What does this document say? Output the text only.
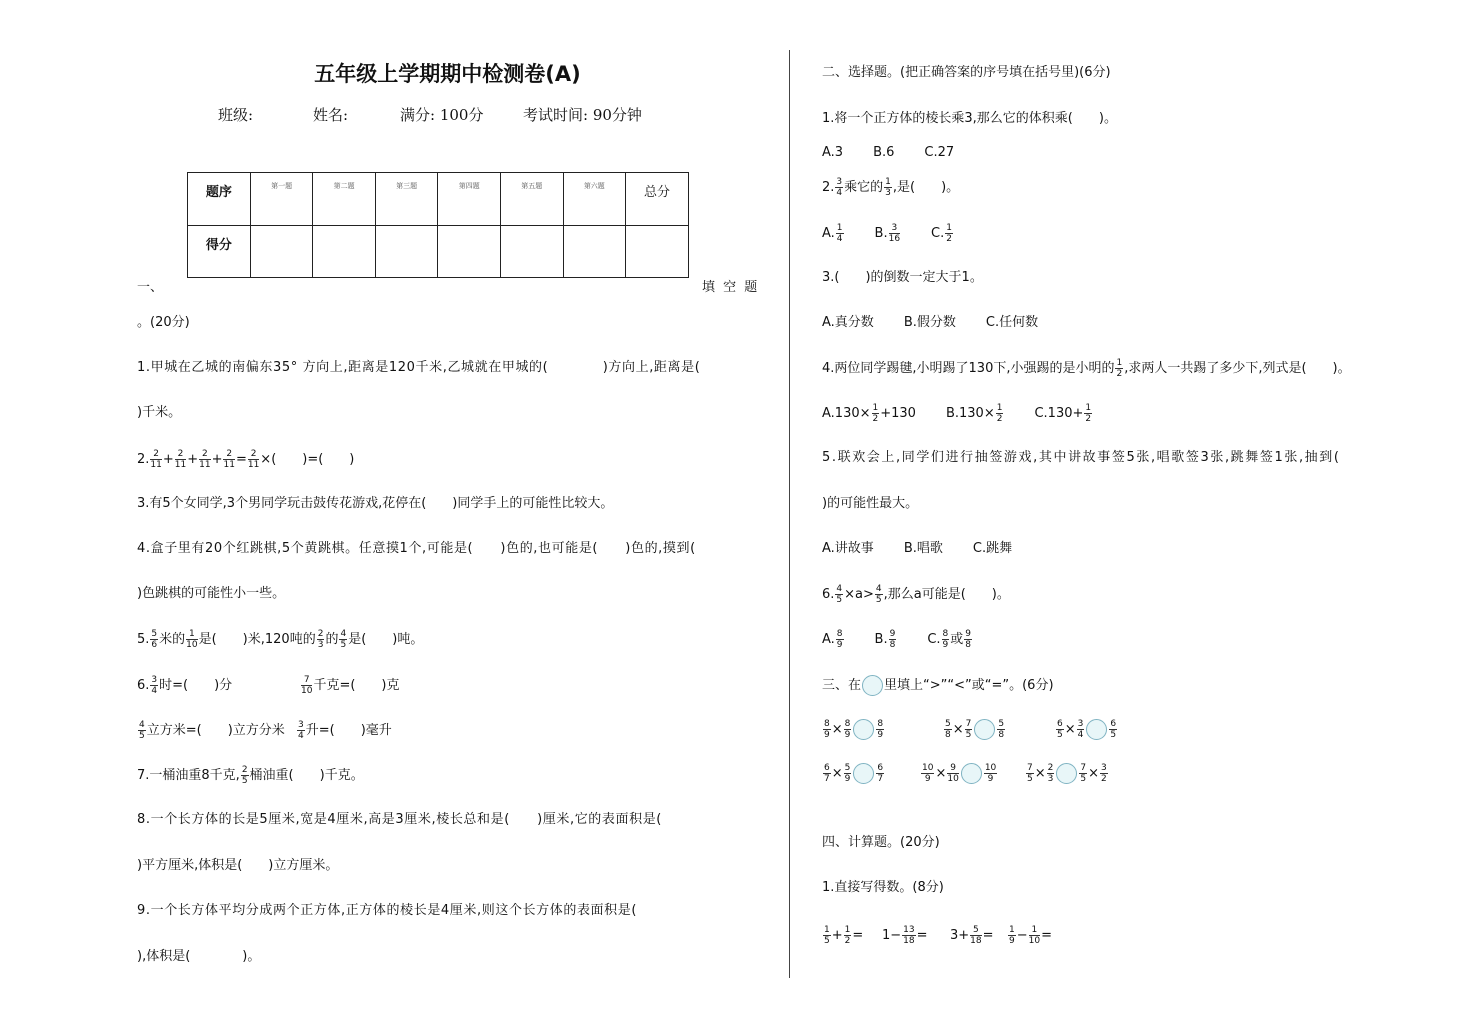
五年级上学期期中检测卷(A)
班级:	姓名:	满分: 100分	考试时间: 90分钟
题序	第一题	第二题	第三题	第四题	第五题	第六题	总分
得分							
一、	填 空 题
。(20分)
1.甲城在乙城的南偏东35° 方向上,距离是120千米,乙城就在甲城的(　　　　)方向上,距离是(
)千米。
2. $\frac{2}{11} + \frac{2}{11} + \frac{2}{11} + \frac{2}{11} = \frac{2}{11}$ ×(　　)=(　　)
3.有5个女同学,3个男同学玩击鼓传花游戏,花停在(　　)同学手上的可能性比较大。
4.盒子里有20个红跳棋,5个黄跳棋。任意摸1个,可能是(　　)色的,也可能是(　　)色的,摸到(
)色跳棋的可能性小一些。
5. $\frac{5}{6}$ 米的 $\frac{1}{10}$ 是(　　)米,120吨的 $\frac{2}{3}$ 的 $\frac{4}{5}$ 是(　　)吨。
6. $\frac{3}{4}$ 时=(　　)分	$\frac{7}{10}$ 千克=(　　)克
$\frac{4}{5}$ 立方米=(　　)立方分米 $\frac{3}{4}$ 升=(　　)毫升
7.一桶油重8千克, $\frac{2}{5}$ 桶油重(　　)千克。
8.一个长方体的长是5厘米,宽是4厘米,高是3厘米,棱长总和是(　　)厘米,它的表面积是(
)平方厘米,体积是(　　)立方厘米。
9.一个长方体平均分成两个正方体,正方体的棱长是4厘米,则这个长方体的表面积是(
),体积是(　　　　)。
二、选择题。(把正确答案的序号填在括号里)(6分)
1.将一个正方体的棱长乘3,那么它的体积乘(　　)。
A.3 B.6 C.27
2. $\frac{3}{4}$ 乘它的 $\frac{1}{3}$ ,是(　　)。
A. $\frac{1}{4} B$. $\frac{3}{16} C$. $\frac{1}{2}$
3.(　　)的倒数一定大于1。
A.真分数 B.假分数 C.任何数
4.两位同学踢毽,小明踢了130下,小强踢的是小明的 $\frac{1}{2}$ ,求两人一共踢了多少下,列式是(　　)。
$A.130\times \frac{1}{2} +130$ $B.130\times \frac{1}{2} C.130+ \frac{1}{2}$
5.联欢会上,同学们进行抽签游戏,其中讲故事签5张,唱歌签3张,跳舞签1张,抽到(
)的可能性最大。
A.讲故事 B.唱歌 C.跳舞
6. $\frac{4}{5} \times a> \frac{4}{5}$ ,那么a可能是(　　)。
A. $\frac{8}{9} B$. $\frac{9}{8} C$. $\frac{8}{9}$ 或 $\frac{9}{8}$
三、在 里填上“>”“<”或“=”。(6分)
$\frac{8}{9} \times \frac{8}{9}$	$\frac{8}{9}$	$\frac{5}{8} \times \frac{7}{5}$	$\frac{5}{8}$	$\frac{6}{5} \times \frac{3}{4}$	$\frac{6}{5}$
$\frac{6}{7} \times \frac{5}{9}$	$\frac{6}{7}$	$\frac{10}{9} \times \frac{9}{10}$	$\frac{10}{9}$	$\frac{7}{5} \times \frac{2}{3}$	$\frac{7}{5} \times \frac{3}{2}$
四、计算题。(20分)
1.直接写得数。(8分)
$\frac{1}{5} + \frac{1}{2} = 1- \frac{13}{18} = 3+ \frac{5}{18} = \frac{1}{9} - \frac{1}{10}$ =
